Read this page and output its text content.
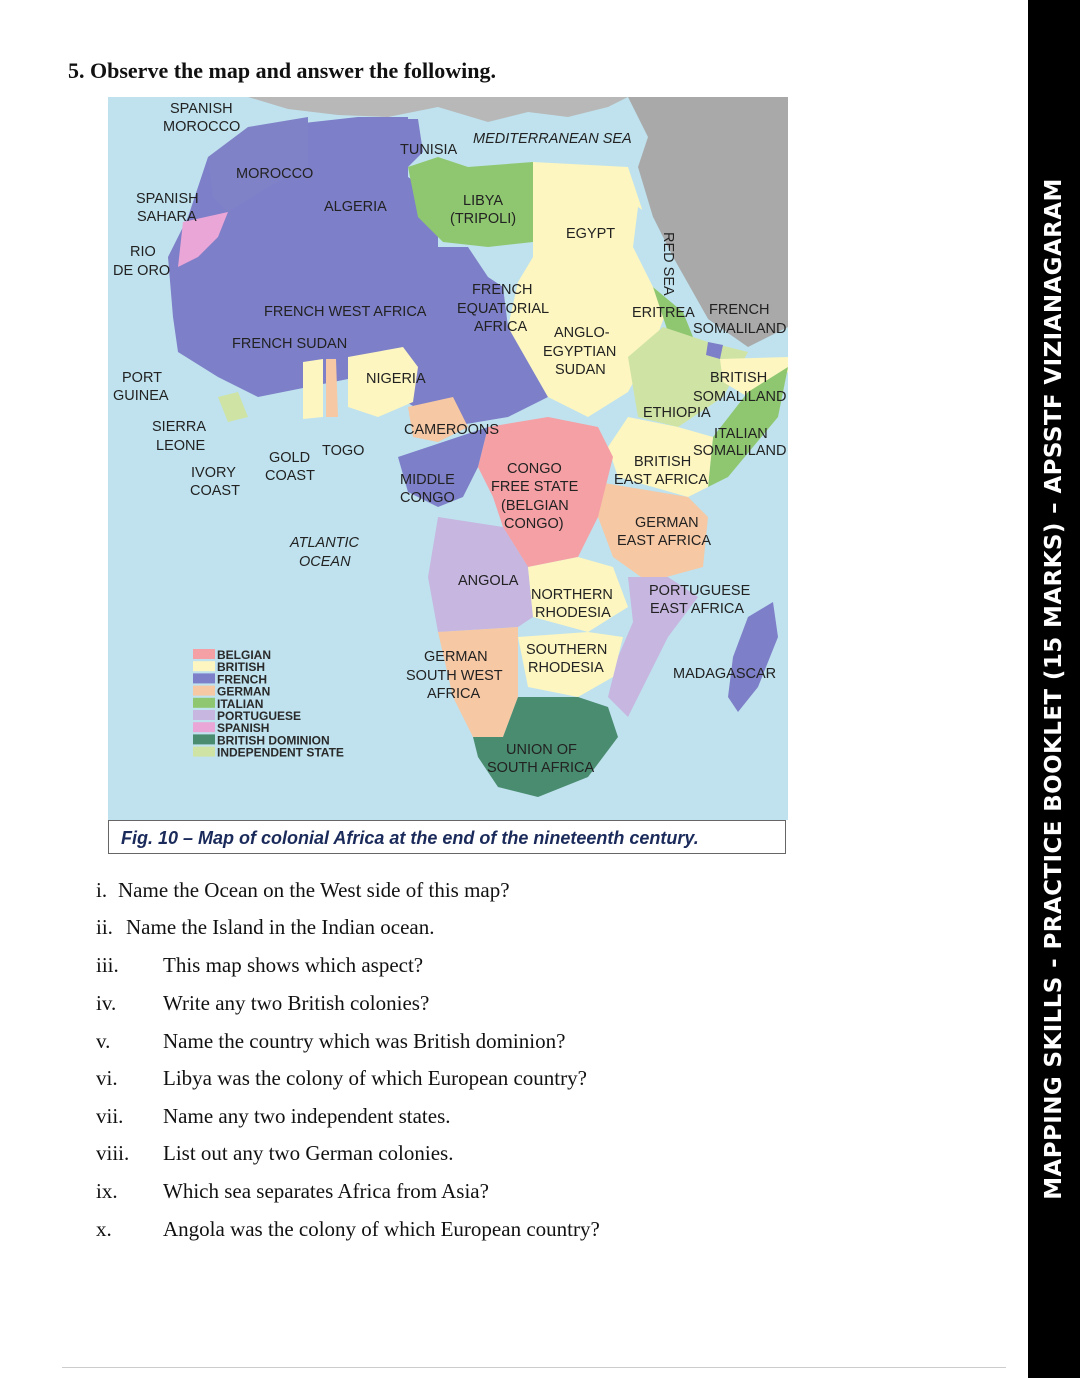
MAPPING SKILLS - PRACTICE BOOKLET (15 MARKS) – APSSTF VIZIANAGARAM
5. Observe the map and answer the following.
SPANISH
MOROCCO
MEDITERRANEAN SEA
TUNISIA
MOROCCO
SPANISH
SAHARA
ALGERIA	LIBYA
(TRIPOLI)
EGYPT
RIO
DE ORO	RED SEA
FRENCH
EQUATORIAL
AFRICA
FRENCH WEST AFRICA	ERITREA FRENCH
SOMALILAND
ANGLO-
EGYPTIAN
SUDAN
FRENCH SUDAN
PORT
GUINEA
NIGERIA	BRITISH
SOMALILAND
ETHIOPIA
SIERRA
LEONE
CAMEROONS	ITALIAN
SOMALILAND
GOLD
COAST
TOGO
CONGO
FREE STATE
(BELGIAN
CONGO)
BRITISH
EAST AFRICA
IVORY
COAST
MIDDLE
CONGO
GERMAN
EAST AFRICA
ATLANTIC
OCEAN
ANGOLA
NORTHERN
RHODESIA
PORTUGUESE
EAST AFRICA
SOUTHERN
RHODESIA
GERMAN
SOUTH WEST
AFRICA
MADAGASCAR
UNION OF
SOUTH AFRICA
BELGIAN
BRITISH
FRENCH
GERMAN
ITALIAN
PORTUGUESE
SPANISH
BRITISH DOMINION
INDEPENDENT STATE
Fig. 10 – Map of colonial Africa at the end of the nineteenth century.
i. Name the Ocean on the West side of this map?
ii. Name the Island in the Indian ocean.
iii. This map shows which aspect?
iv. Write any two British colonies?
v.	Name the country which was British dominion?
vi. Libya was the colony of which European country?
vii. Name any two independent states.
viii. List out any two German colonies.
ix. Which sea separates Africa from Asia?
x. Angola was the colony of which European country?
